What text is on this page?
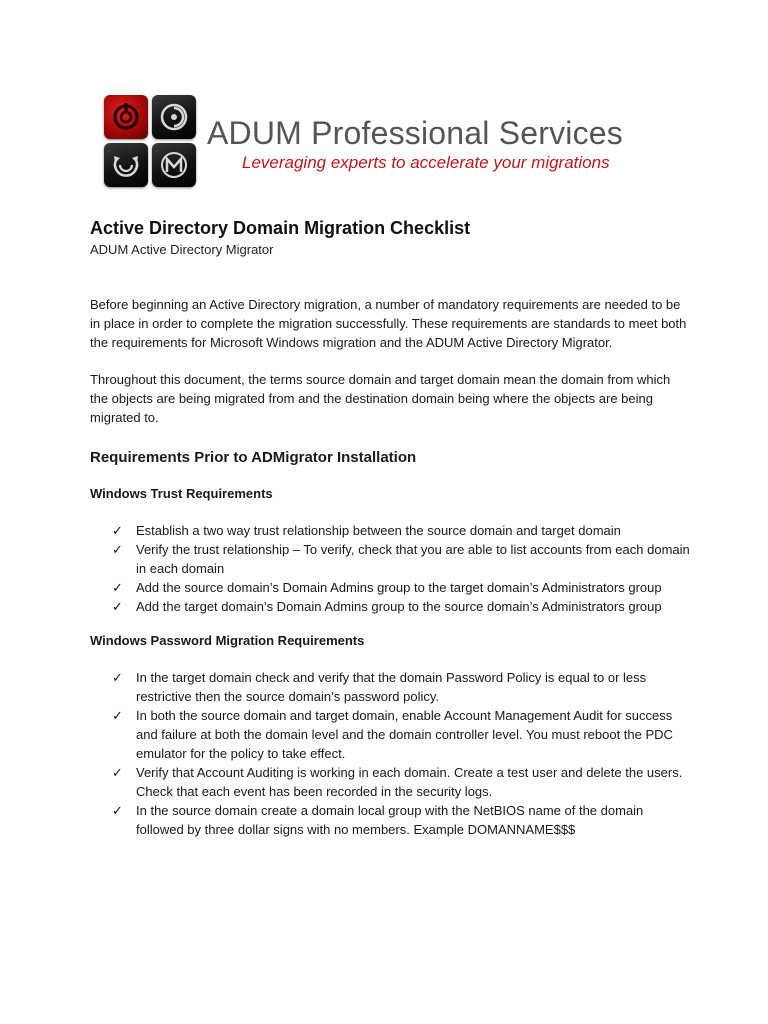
ADUM Professional Services
Leveraging experts to accelerate your migrations
Active Directory Domain Migration Checklist
ADUM Active Directory Migrator

Before beginning an Active Directory migration, a number of mandatory requirements are needed to be in place in order to complete the migration successfully. These requirements are standards to meet both the requirements for Microsoft Windows migration and the ADUM Active Directory Migrator.

Throughout this document, the terms source domain and target domain mean the domain from which the objects are being migrated from and the destination domain being where the objects are being migrated to.

Requirements Prior to ADMigrator Installation
Windows Trust Requirements
✓ Establish a two way trust relationship between the source domain and target domain
✓ Verify the trust relationship – To verify, check that you are able to list accounts from each domain in each domain
✓ Add the source domain’s Domain Admins group to the target domain’s Administrators group
✓ Add the target domain’s Domain Admins group to the source domain’s Administrators group
Windows Password Migration Requirements
✓ In the target domain check and verify that the domain Password Policy is equal to or less restrictive then the source domain’s password policy.
✓ In both the source domain and target domain, enable Account Management Audit for success and failure at both the domain level and the domain controller level. You must reboot the PDC emulator for the policy to take effect.
✓ Verify that Account Auditing is working in each domain. Create a test user and delete the users. Check that each event has been recorded in the security logs.
✓ In the source domain create a domain local group with the NetBIOS name of the domain followed by three dollar signs with no members. Example DOMANNAME$$$
